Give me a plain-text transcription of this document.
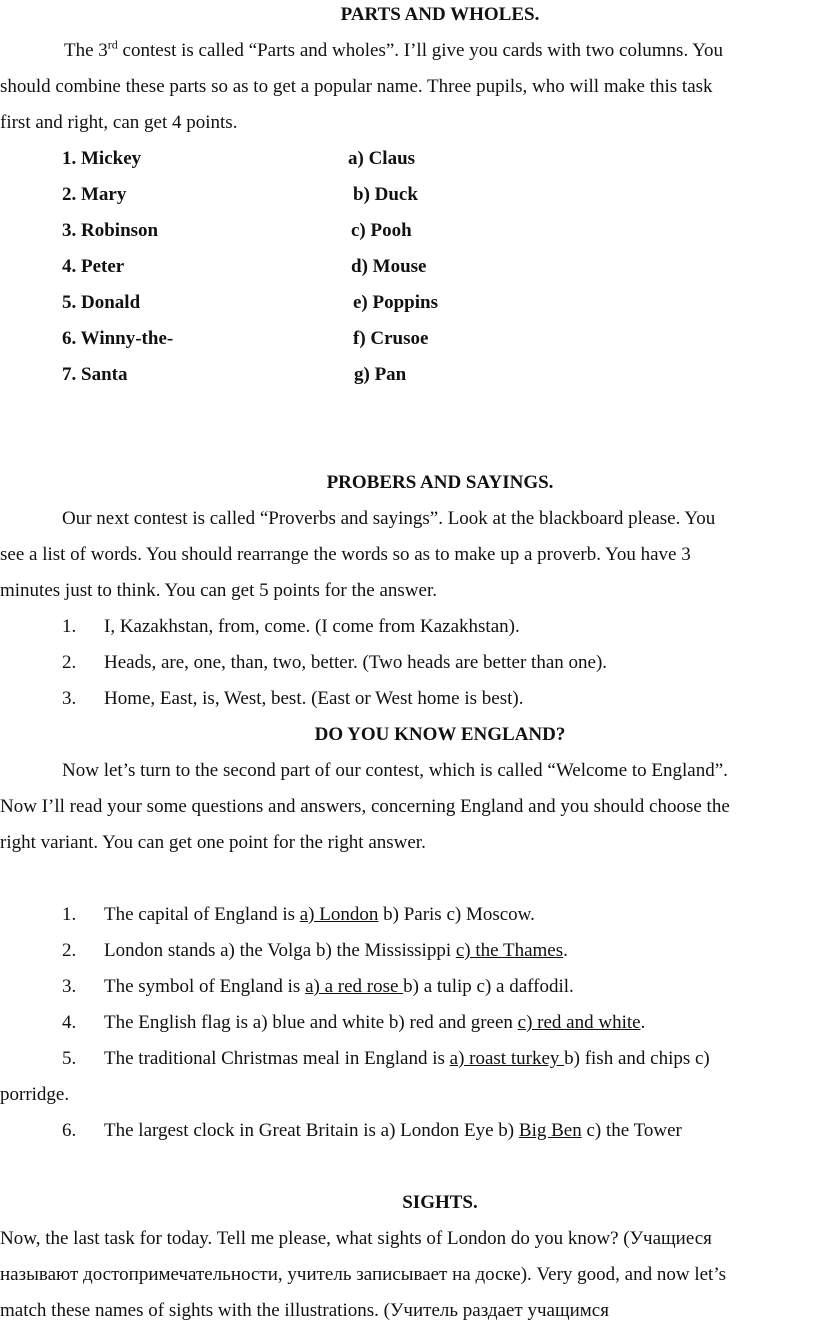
PARTS AND WHOLES.
The 3rd contest is called “Parts and wholes”. I’ll give you cards with two columns. You
should combine these parts so as to get a popular name. Three pupils, who will make this task
first and right, can get 4 points.
1. Mickey	a) Claus
2. Mary	b) Duck
3. Robinson	c) Pooh
4. Peter	d) Mouse
5. Donald	e) Poppins
6. Winny-the-	f) Crusoe
7. Santa	g) Pan
PROBERS AND SAYINGS.
Our next contest is called “Proverbs and sayings”. Look at the blackboard please. You
see a list of words. You should rearrange the words so as to make up a proverb. You have 3
minutes just to think. You can get 5 points for the answer.
1. I, Kazakhstan, from, come. (I come from Kazakhstan).
2. Heads, are, one, than, two, better. (Two heads are better than one).
3. Home, East, is, West, best. (East or West home is best).
DO YOU KNOW ENGLAND?
Now let’s turn to the second part of our contest, which is called “Welcome to England”.
Now I’ll read your some questions and answers, concerning England and you should choose the
right variant. You can get one point for the right answer.
1. The capital of England is a) London b) Paris c) Moscow.
2. London stands a) the Volga b) the Mississippi c) the Thames.
3. The symbol of England is a) a red rose b) a tulip c) a daffodil.
4. The English flag is a) blue and white b) red and green c) red and white.
5. The traditional Christmas meal in England is a) roast turkey b) fish and chips c)
porridge.
6. The largest clock in Great Britain is a) London Eye b) Big Ben c) the Tower
SIGHTS.
Now, the last task for today. Tell me please, what sights of London do you know? (Учащиеся
называют достопримечательности, учитель записывает на доске). Very good, and now let’s
match these names of sights with the illustrations. (Учитель раздает учащимся
